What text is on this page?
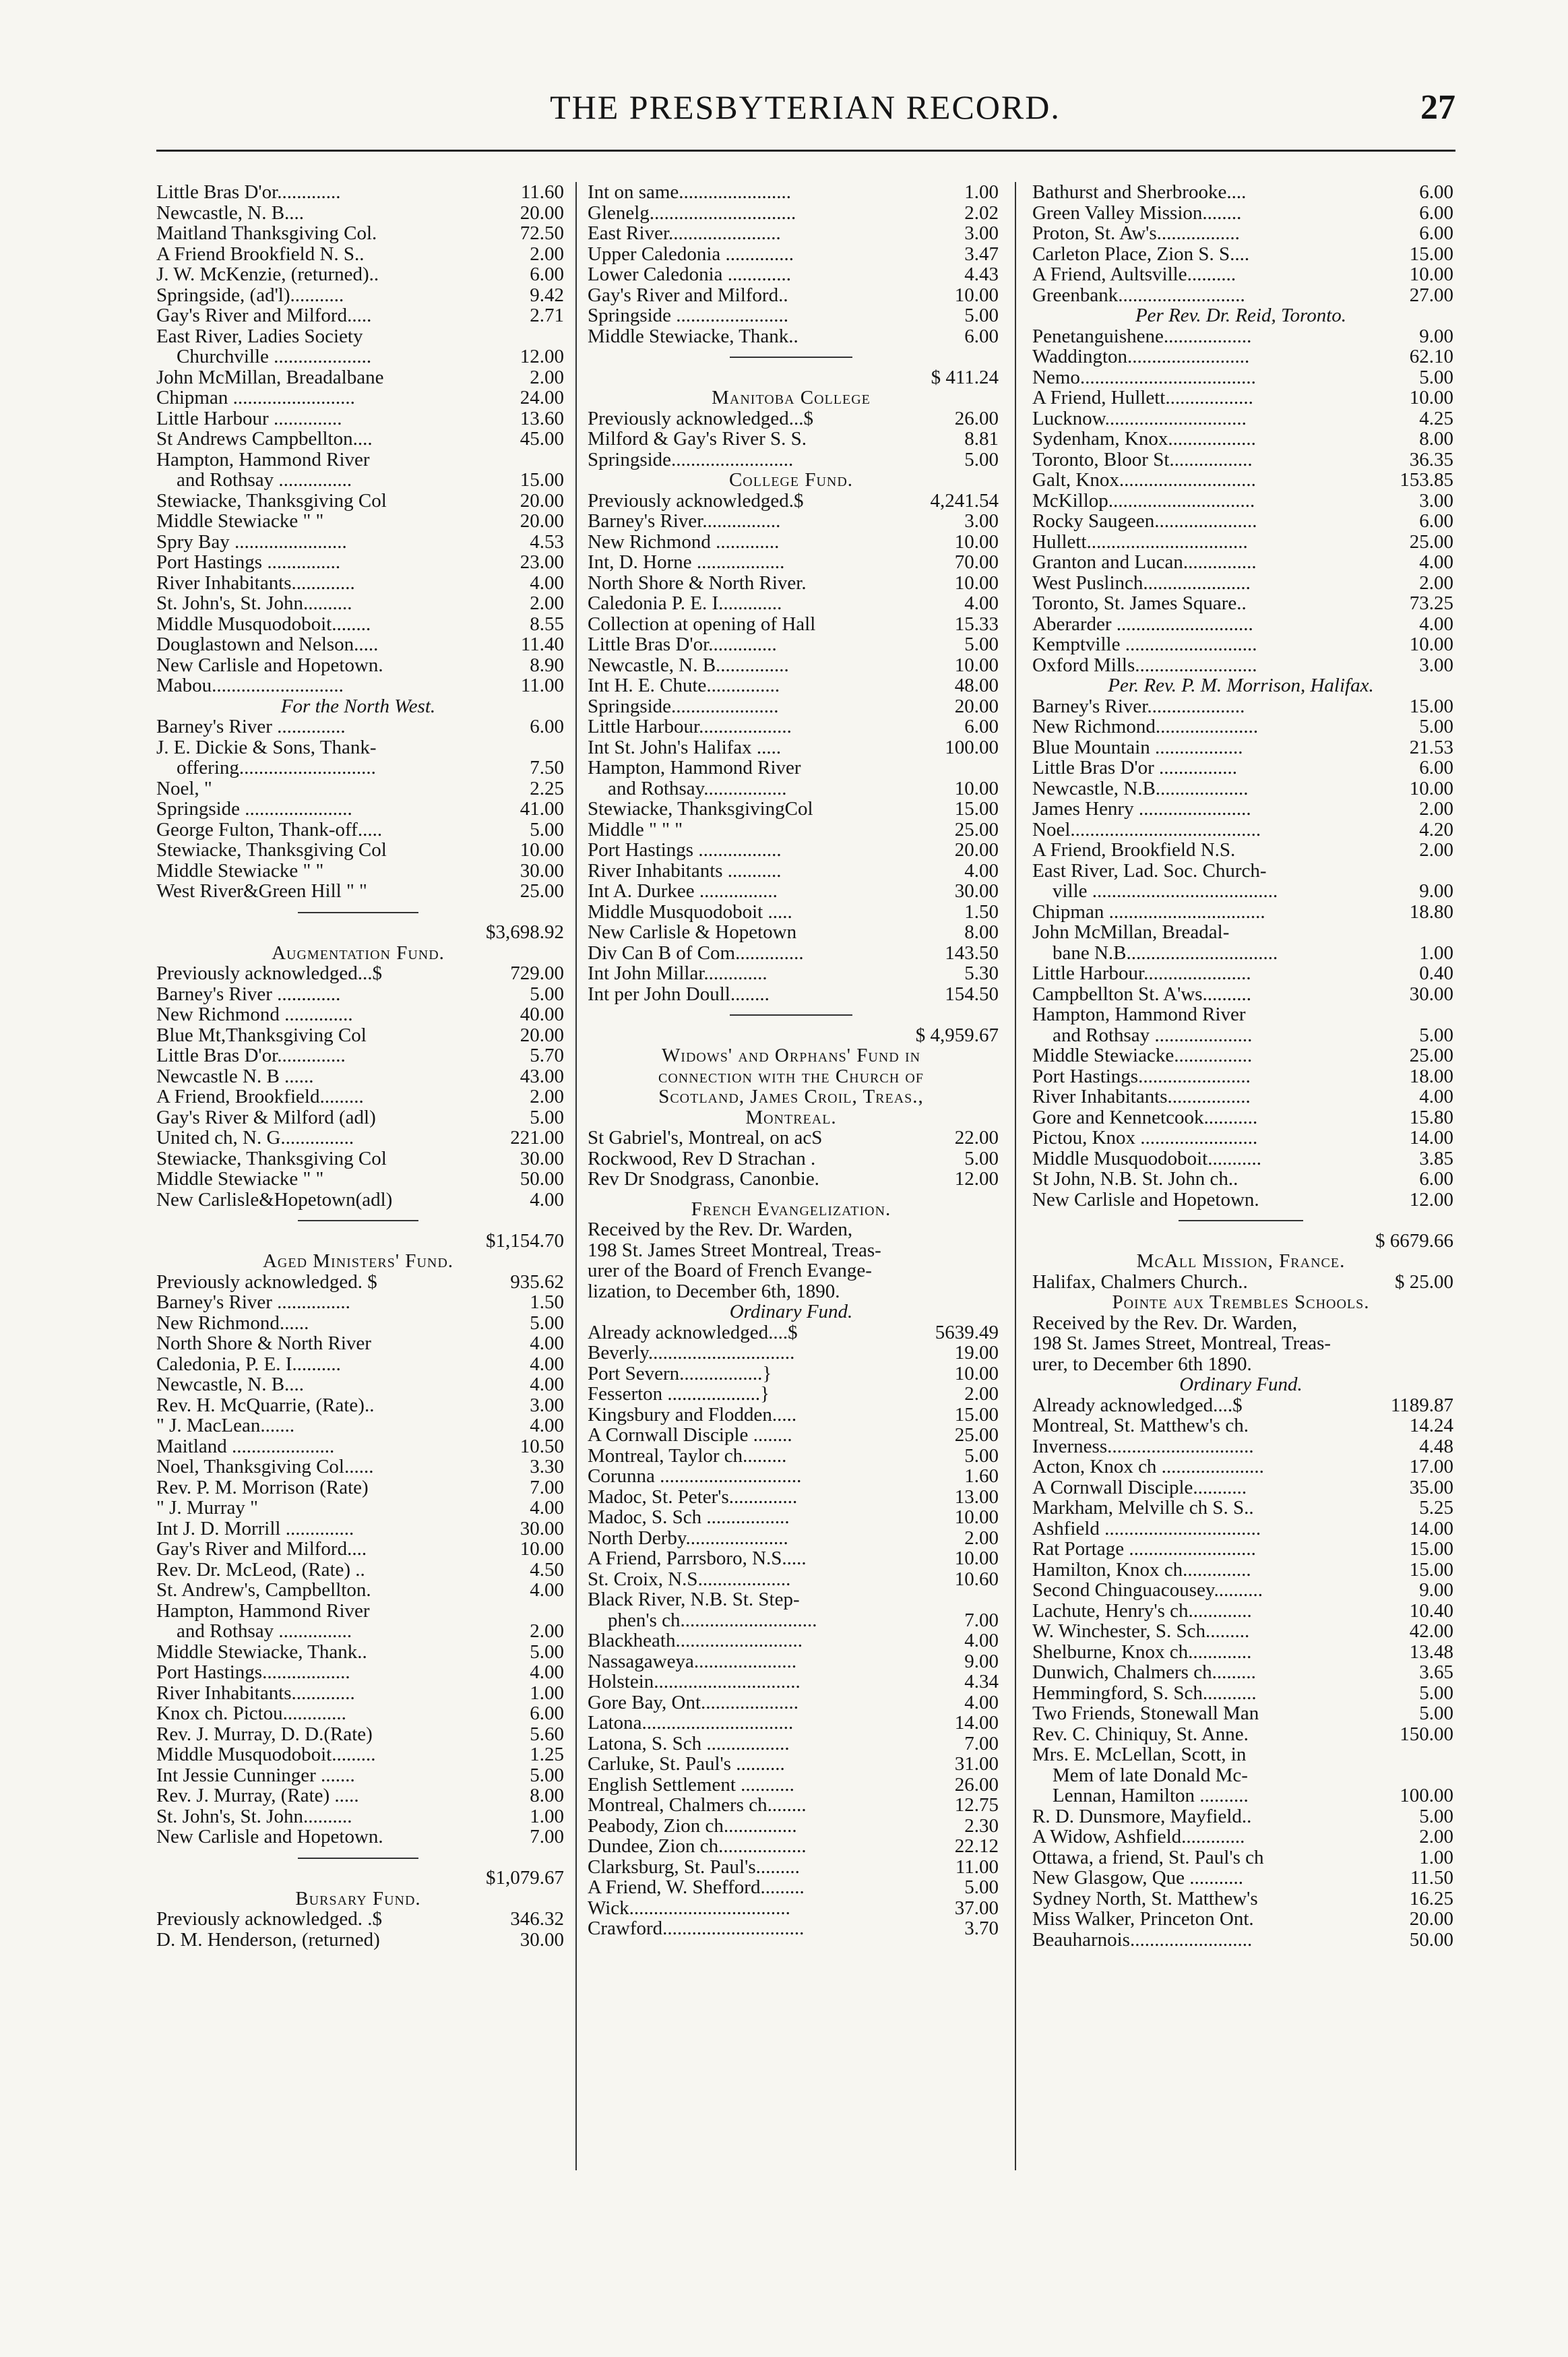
THE PRESBYTERIAN RECORD.	27
Little Bras D'or.............	11.60
Newcastle, N. B....	20.00
Maitland Thanksgiving Col.	72.50
A Friend Brookfield N. S..	2.00
J. W. McKenzie, (returned)..	6.00
Springside, (ad'l)...........	9.42
Gay's River and Milford.....	2.71
East River, Ladies Society
Churchville ....................	12.00
John McMillan, Breadalbane	2.00
Chipman .........................	24.00
Little Harbour ..............	13.60
St Andrews Campbellton....	45.00
Hampton, Hammond River
and Rothsay ...............	15.00
Stewiacke, Thanksgiving Col	20.00
Middle Stewiacke " "	20.00
Spry Bay .......................	4.53
Port Hastings ...............	23.00
River Inhabitants.............	4.00
St. John's, St. John..........	2.00
Middle Musquodoboit........	8.55
Douglastown and Nelson.....	11.40
New Carlisle and Hopetown.	8.90
Mabou...........................	11.00
For the North West.
Barney's River ..............	6.00
J. E. Dickie & Sons, Thank-
offering............................	7.50
Noel, "	2.25
Springside ......................	41.00
George Fulton, Thank-off.....	5.00
Stewiacke, Thanksgiving Col	10.00
Middle Stewiacke " "	30.00
West River&Green Hill " "	25.00
$3,698.92
Augmentation Fund.
Previously acknowledged...$	729.00
Barney's River .............	5.00
New Richmond ..............	40.00
Blue Mt,Thanksgiving Col	20.00
Little Bras D'or..............	5.70
Newcastle N. B ......	43.00
A Friend, Brookfield.........	2.00
Gay's River & Milford (adl)	5.00
United ch, N. G...............	221.00
Stewiacke, Thanksgiving Col	30.00
Middle Stewiacke " "	50.00
New Carlisle&Hopetown(adl)	4.00
$1,154.70
Aged Ministers' Fund.
Previously acknowledged. $	935.62
Barney's River ...............	1.50
New Richmond......	5.00
North Shore & North River	4.00
Caledonia, P. E. I..........	4.00
Newcastle, N. B....	4.00
Rev. H. McQuarrie, (Rate)..	3.00
" J. MacLean.......	4.00
Maitland .....................	10.50
Noel, Thanksgiving Col......	3.30
Rev. P. M. Morrison (Rate)	7.00
" J. Murray "	4.00
Int J. D. Morrill ..............	30.00
Gay's River and Milford....	10.00
Rev. Dr. McLeod, (Rate) ..	4.50
St. Andrew's, Campbellton.	4.00
Hampton, Hammond River
and Rothsay ...............	2.00
Middle Stewiacke, Thank..	5.00
Port Hastings..................	4.00
River Inhabitants.............	1.00
Knox ch. Pictou.............	6.00
Rev. J. Murray, D. D.(Rate)	5.60
Middle Musquodoboit.........	1.25
Int Jessie Cunninger .......	5.00
Rev. J. Murray, (Rate) .....	8.00
St. John's, St. John..........	1.00
New Carlisle and Hopetown.	7.00
$1,079.67
Bursary Fund.
Previously acknowledged. .$	346.32
D. M. Henderson, (returned)	30.00
Int on same.......................	1.00
Glenelg..............................	2.02
East River.......................	3.00
Upper Caledonia ..............	3.47
Lower Caledonia .............	4.43
Gay's River and Milford..	10.00
Springside .......................	5.00
Middle Stewiacke, Thank..	6.00
$ 411.24
Manitoba College
Previously acknowledged...$	26.00
Milford & Gay's River S. S.	8.81
Springside.........................	5.00
College Fund.
Previously acknowledged.$	4,241.54
Barney's River................	3.00
New Richmond .............	10.00
Int, D. Horne ..................	70.00
North Shore & North River.	10.00
Caledonia P. E. I.............	4.00
Collection at opening of Hall	15.33
Little Bras D'or..............	5.00
Newcastle, N. B...............	10.00
Int H. E. Chute...............	48.00
Springside......................	20.00
Little Harbour...................	6.00
Int St. John's Halifax .....	100.00
Hampton, Hammond River
and Rothsay.................	10.00
Stewiacke, ThanksgivingCol	15.00
Middle " " "	25.00
Port Hastings .................	20.00
River Inhabitants ...........	4.00
Int A. Durkee ................	30.00
Middle Musquodoboit .....	1.50
New Carlisle & Hopetown	8.00
Div Can B of Com..............	143.50
Int John Millar.............	5.30
Int per John Doull........	154.50
$ 4,959.67
Widows' and Orphans' Fund in
connection with the Church of
Scotland, James Croil, Treas.,
Montreal.
St Gabriel's, Montreal, on acS	22.00
Rockwood, Rev D Strachan .	5.00
Rev Dr Snodgrass, Canonbie.	12.00
French Evangelization.
Received by the Rev. Dr. Warden,
198 St. James Street Montreal, Treas-
urer of the Board of French Evange-
lization, to December 6th, 1890.
Ordinary Fund.
Already acknowledged....$	5639.49
Beverly..............................	19.00
Port Severn.................}	10.00
Fesserton ...................}	2.00
Kingsbury and Flodden.....	15.00
A Cornwall Disciple ........	25.00
Montreal, Taylor ch.........	5.00
Corunna .............................	1.60
Madoc, St. Peter's..............	13.00
Madoc, S. Sch .................	10.00
North Derby.....................	2.00
A Friend, Parrsboro, N.S.....	10.00
St. Croix, N.S...................	10.60
Black River, N.B. St. Step-
phen's ch............................	7.00
Blackheath..........................	4.00
Nassagaweya.....................	9.00
Holstein..............................	4.34
Gore Bay, Ont....................	4.00
Latona...............................	14.00
Latona, S. Sch .................	7.00
Carluke, St. Paul's ..........	31.00
English Settlement ...........	26.00
Montreal, Chalmers ch........	12.75
Peabody, Zion ch...............	2.30
Dundee, Zion ch..................	22.12
Clarksburg, St. Paul's.........	11.00
A Friend, W. Shefford.........	5.00
Wick.................................	37.00
Crawford.............................	3.70
Bathurst and Sherbrooke....	6.00
Green Valley Mission........	6.00
Proton, St. Aw's.................	6.00
Carleton Place, Zion S. S....	15.00
A Friend, Aultsville..........	10.00
Greenbank..........................	27.00
Per Rev. Dr. Reid, Toronto.
Penetanguishene..................	9.00
Waddington.........................	62.10
Nemo....................................	5.00
A Friend, Hullett..................	10.00
Lucknow.............................	4.25
Sydenham, Knox..................	8.00
Toronto, Bloor St.................	36.35
Galt, Knox............................	153.85
McKillop..............................	3.00
Rocky Saugeen.....................	6.00
Hullett.................................	25.00
Granton and Lucan...............	4.00
West Puslinch......................	2.00
Toronto, St. James Square..	73.25
Aberarder ............................	4.00
Kemptville ...........................	10.00
Oxford Mills.........................	3.00
Per. Rev. P. M. Morrison, Halifax.
Barney's River....................	15.00
New Richmond.....................	5.00
Blue Mountain ..................	21.53
Little Bras D'or ................	6.00
Newcastle, N.B...................	10.00
James Henry .......................	2.00
Noel.......................................	4.20
A Friend, Brookfield N.S.	2.00
East River, Lad. Soc. Church-
ville ......................................	9.00
Chipman ................................	18.80
John McMillan, Breadal-
bane N.B...............................	1.00
Little Harbour......................	0.40
Campbellton St. A'ws..........	30.00
Hampton, Hammond River
and Rothsay ....................	5.00
Middle Stewiacke................	25.00
Port Hastings.......................	18.00
River Inhabitants.................	4.00
Gore and Kennetcook...........	15.80
Pictou, Knox ........................	14.00
Middle Musquodoboit...........	3.85
St John, N.B. St. John ch..	6.00
New Carlisle and Hopetown.	12.00
$ 6679.66
McAll Mission, France.
Halifax, Chalmers Church..	$ 25.00
Pointe aux Trembles Schools.
Received by the Rev. Dr. Warden,
198 St. James Street, Montreal, Treas-
urer, to December 6th 1890.
Ordinary Fund.
Already acknowledged....$	1189.87
Montreal, St. Matthew's ch.	14.24
Inverness..............................	4.48
Acton, Knox ch .....................	17.00
A Cornwall Disciple...........	35.00
Markham, Melville ch S. S..	5.25
Ashfield ................................	14.00
Rat Portage ..........................	15.00
Hamilton, Knox ch..............	15.00
Second Chinguacousey..........	9.00
Lachute, Henry's ch.............	10.40
W. Winchester, S. Sch.........	42.00
Shelburne, Knox ch.............	13.48
Dunwich, Chalmers ch.........	3.65
Hemmingford, S. Sch...........	5.00
Two Friends, Stonewall Man	5.00
Rev. C. Chiniquy, St. Anne.	150.00
Mrs. E. McLellan, Scott, in
Mem of late Donald Mc-
Lennan, Hamilton ..........	100.00
R. D. Dunsmore, Mayfield..	5.00
A Widow, Ashfield.............	2.00
Ottawa, a friend, St. Paul's ch	1.00
New Glasgow, Que ...........	11.50
Sydney North, St. Matthew's	16.25
Miss Walker, Princeton Ont.	20.00
Beauharnois.........................	50.00
